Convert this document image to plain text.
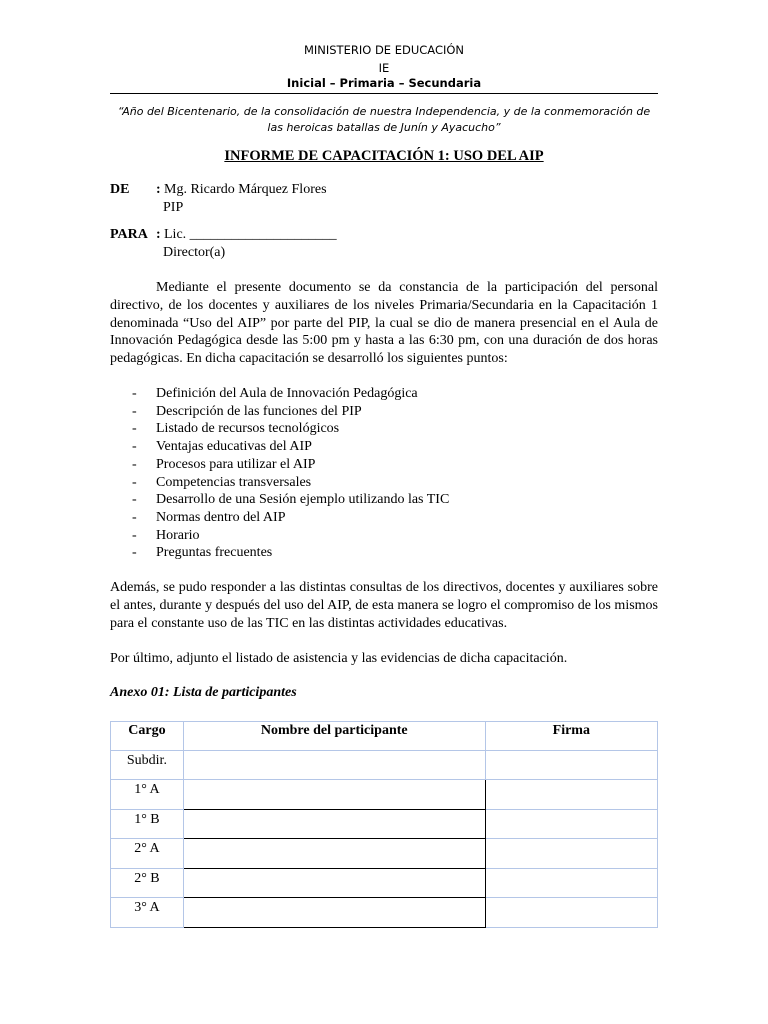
MINISTERIO DE EDUCACIÓN
IE
Inicial – Primaria – Secundaria
“Año del Bicentenario, de la consolidación de nuestra Independencia, y de la conmemoración de las heroicas batallas de Junín y Ayacucho”
INFORME DE CAPACITACIÓN 1: USO DEL AIP
DE : Mg. Ricardo Márquez Flores
PIP
PARA : Lic. _____________________
Director(a)
Mediante el presente documento se da constancia de la participación del personal directivo, de los docentes y auxiliares de los niveles Primaria/Secundaria en la Capacitación 1 denominada “Uso del AIP” por parte del PIP, la cual se dio de manera presencial en el Aula de Innovación Pedagógica desde las 5:00 pm y hasta a las 6:30 pm, con una duración de dos horas pedagógicas. En dicha capacitación se desarrolló los siguientes puntos:
- Definición del Aula de Innovación Pedagógica
- Descripción de las funciones del PIP
- Listado de recursos tecnológicos
- Ventajas educativas del AIP
- Procesos para utilizar el AIP
- Competencias transversales
- Desarrollo de una Sesión ejemplo utilizando las TIC
- Normas dentro del AIP
- Horario
- Preguntas frecuentes
Además, se pudo responder a las distintas consultas de los directivos, docentes y auxiliares sobre el antes, durante y después del uso del AIP, de esta manera se logro el compromiso de los mismos para el constante uso de las TIC en las distintas actividades educativas.
Por último, adjunto el listado de asistencia y las evidencias de dicha capacitación.
Anexo 01: Lista de participantes
Cargo	Nombre del participante	Firma
Subdir.		
1° A		
1° B		
2° A		
2° B		
3° A		
